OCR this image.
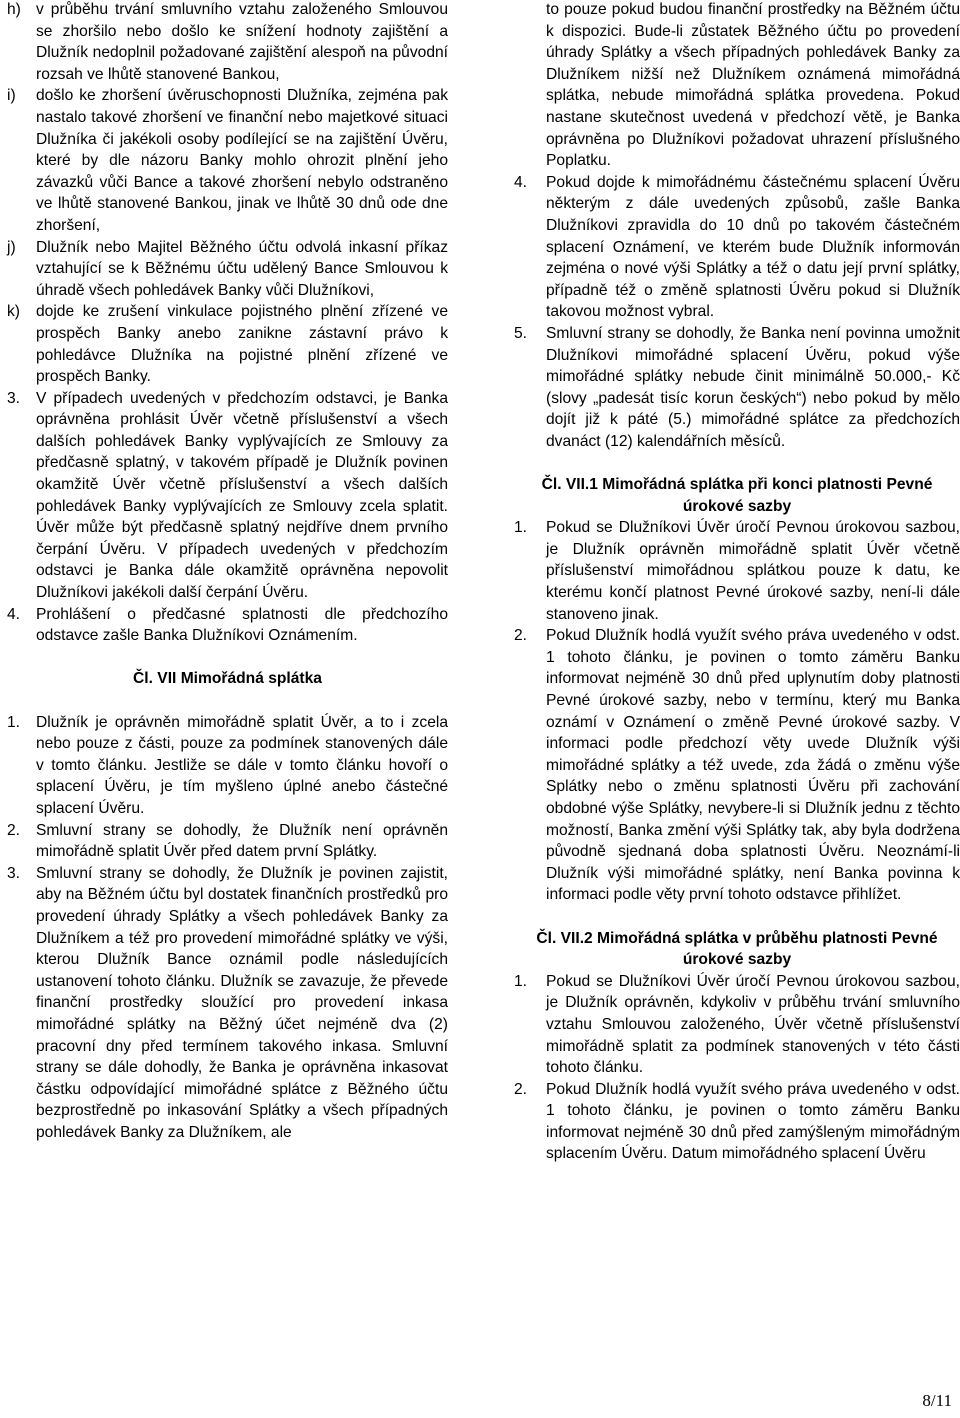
h) v průběhu trvání smluvního vztahu založeného Smlouvou se zhoršilo nebo došlo ke snížení hodnoty zajištění a Dlužník nedoplnil požadované zajištění alespoň na původní rozsah ve lhůtě stanovené Bankou,
i)	došlo ke zhoršení úvěruschopnosti Dlužníka, zejména pak nastalo takové zhoršení ve finanční nebo majetkové situaci Dlužníka či jakékoli osoby podílející se na zajištění Úvěru, které by dle názoru Banky mohlo ohrozit plnění jeho závazků vůči Bance a takové zhoršení nebylo odstraněno ve lhůtě stanovené Bankou, jinak ve lhůtě 30 dnů ode dne zhoršení,
j)	Dlužník nebo Majitel Běžného účtu odvolá inkasní příkaz vztahující se k Běžnému účtu udělený Bance Smlouvou k úhradě všech pohledávek Banky vůči Dlužníkovi,
k)	dojde ke zrušení vinkulace pojistného plnění zřízené ve prospěch Banky anebo zanikne zástavní právo k pohledávce Dlužníka na pojistné plnění zřízené ve prospěch Banky.
3.	V případech uvedených v předchozím odstavci, je Banka oprávněna prohlásit Úvěr včetně příslušenství a všech dalších pohledávek Banky vyplývajících ze Smlouvy za předčasně splatný, v takovém případě je Dlužník povinen okamžitě Úvěr včetně příslušenství a všech dalších pohledávek Banky vyplývajících ze Smlouvy zcela splatit. Úvěr může být předčasně splatný nejdříve dnem prvního čerpání Úvěru. V případech uvedených v předchozím odstavci je Banka dále okamžitě oprávněna nepovolit Dlužníkovi jakékoli další čerpání Úvěru.
4.	Prohlášení o předčasné splatnosti dle předchozího odstavce zašle Banka Dlužníkovi Oznámením.
Čl. VII Mimořádná splátka
1.	Dlužník je oprávněn mimořádně splatit Úvěr, a to i zcela nebo pouze z části, pouze za podmínek stanovených dále v tomto článku. Jestliže se dále v tomto článku hovoří o splacení Úvěru, je tím myšleno úplné anebo částečné splacení Úvěru.
2.	Smluvní strany se dohodly, že Dlužník není oprávněn mimořádně splatit Úvěr před datem první Splátky.
3.	Smluvní strany se dohodly, že Dlužník je povinen zajistit, aby na Běžném účtu byl dostatek finančních prostředků pro provedení úhrady Splátky a všech pohledávek Banky za Dlužníkem a též pro provedení mimořádné splátky ve výši, kterou Dlužník Bance oznámil podle následujících ustanovení tohoto článku. Dlužník se zavazuje, že převede finanční prostředky sloužící pro provedení inkasa mimořádné splátky na Běžný účet nejméně dva (2) pracovní dny před termínem takového inkasa. Smluvní strany se dále dohodly, že Banka je oprávněna inkasovat částku odpovídající mimořádné splátce z Běžného účtu bezprostředně po inkasování Splátky a všech případných pohledávek Banky za Dlužníkem, ale
to pouze pokud budou finanční prostředky na Běžném účtu k dispozici. Bude-li zůstatek Běžného účtu po provedení úhrady Splátky a všech případných pohledávek Banky za Dlužníkem nižší než Dlužníkem oznámená mimořádná splátka, nebude mimořádná splátka provedena. Pokud nastane skutečnost uvedená v předchozí větě, je Banka oprávněna po Dlužníkovi požadovat uhrazení příslušného Poplatku.
4.	Pokud dojde k mimořádnému částečnému splacení Úvěru některým z dále uvedených způsobů, zašle Banka Dlužníkovi zpravidla do 10 dnů po takovém částečném splacení Oznámení, ve kterém bude Dlužník informován zejména o nové výši Splátky a též o datu její první splátky, případně též o změně splatnosti Úvěru pokud si Dlužník takovou možnost vybral.
5.	Smluvní strany se dohodly, že Banka není povinna umožnit Dlužníkovi mimořádné splacení Úvěru, pokud výše mimořádné splátky nebude činit minimálně 50.000,- Kč (slovy „padesát tisíc korun českých“) nebo pokud by mělo dojít již k páté (5.) mimořádné splátce za předchozích dvanáct (12) kalendářních měsíců.
Čl. VII.1 Mimořádná splátka při konci platnosti Pevné úrokové sazby
1.	Pokud se Dlužníkovi Úvěr úročí Pevnou úrokovou sazbou, je Dlužník oprávněn mimořádně splatit Úvěr včetně příslušenství mimořádnou splátkou pouze k datu, ke kterému končí platnost Pevné úrokové sazby, není-li dále stanoveno jinak.
2.	Pokud Dlužník hodlá využít svého práva uvedeného v odst. 1 tohoto článku, je povinen o tomto záměru Banku informovat nejméně 30 dnů před uplynutím doby platnosti Pevné úrokové sazby, nebo v termínu, který mu Banka oznámí v Oznámení o změně Pevné úrokové sazby. V informaci podle předchozí věty uvede Dlužník výši mimořádné splátky a též uvede, zda žádá o změnu výše Splátky nebo o změnu splatnosti Úvěru při zachování obdobné výše Splátky, nevybere-li si Dlužník jednu z těchto možností, Banka změní výši Splátky tak, aby byla dodržena původně sjednaná doba splatnosti Úvěru. Neoznámí-li Dlužník výši mimořádné splátky, není Banka povinna k informaci podle věty první tohoto odstavce přihlížet.
Čl. VII.2 Mimořádná splátka v průběhu platnosti Pevné úrokové sazby
1.	Pokud se Dlužníkovi Úvěr úročí Pevnou úrokovou sazbou, je Dlužník oprávněn, kdykoliv v průběhu trvání smluvního vztahu Smlouvou založeného, Úvěr včetně příslušenství mimořádně splatit za podmínek stanovených v této části tohoto článku.
2.	Pokud Dlužník hodlá využít svého práva uvedeného v odst. 1 tohoto článku, je povinen o tomto záměru Banku informovat nejméně 30 dnů před zamýšleným mimořádným splacením Úvěru. Datum mimořádného splacení Úvěru
8/11
